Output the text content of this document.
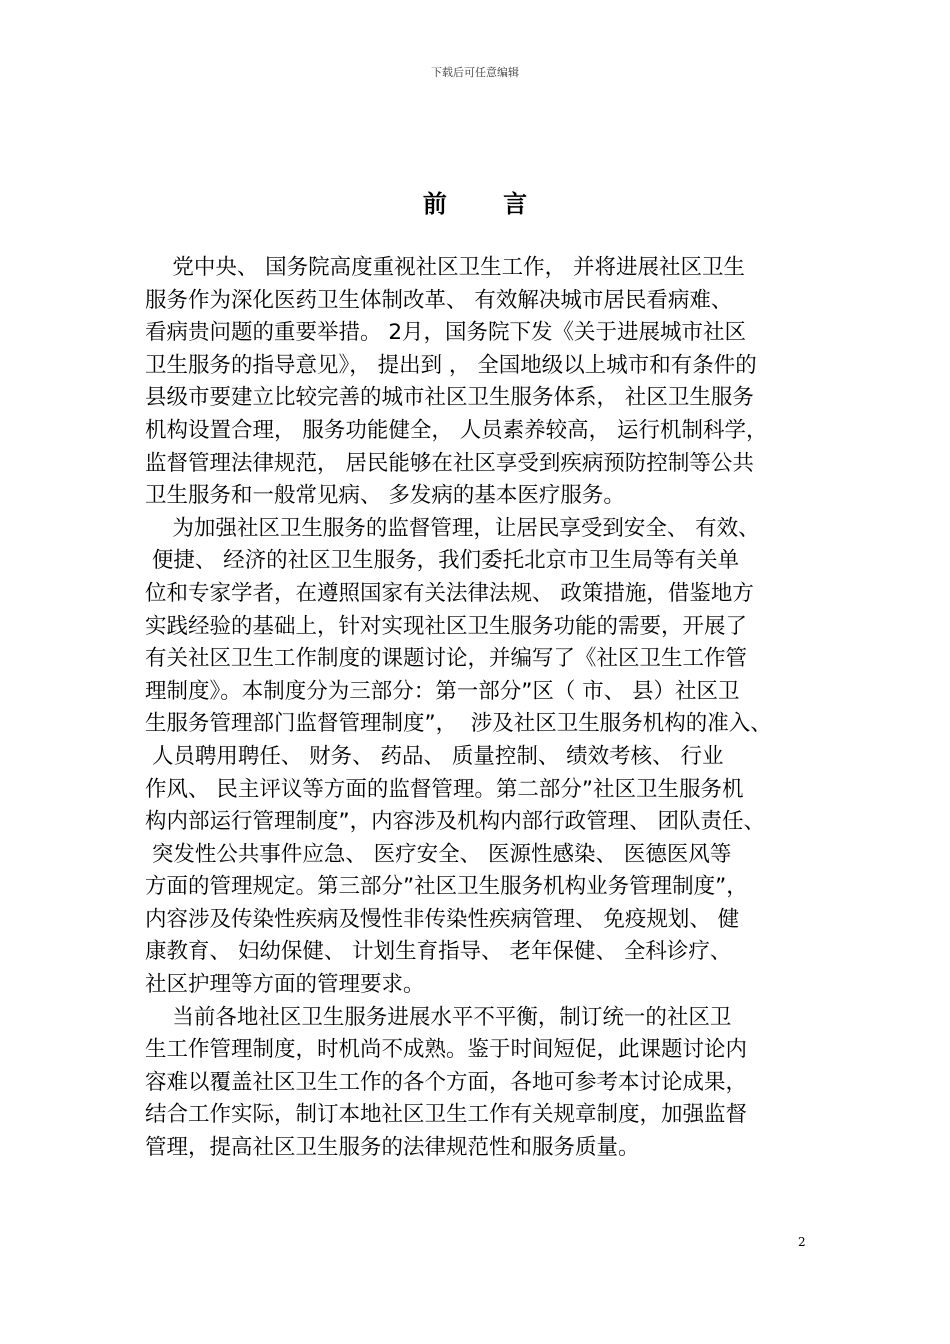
下载后可任意编辑
前 言
党中央、 国务院高度重视社区卫生工作， 并将进展社区卫生
服务作为深化医药卫生体制改革、 有效解决城市居民看病难、
看病贵问题的重要举措。 2月，国务院下发《关于进展城市社区
卫生服务的指导意见》， 提出到 ， 全国地级以上城市和有条件的
县级市要建立比较完善的城市社区卫生服务体系， 社区卫生服务
机构设置合理， 服务功能健全， 人员素养较高， 运行机制科学，
监督管理法律规范， 居民能够在社区享受到疾病预防控制等公共
卫生服务和一般常见病、 多发病的基本医疗服务。
为加强社区卫生服务的监督管理，让居民享受到安全、 有效、
便捷、 经济的社区卫生服务，我们委托北京市卫生局等有关单
位和专家学者，在遵照国家有关法律法规、 政策措施，借鉴地方
实践经验的基础上，针对实现社区卫生服务功能的需要，开展了
有关社区卫生工作制度的课题讨论，并编写了《社区卫生工作管
理制度》。本制度分为三部分：第一部分”区（ 市、 县）社区卫
生服务管理部门监督管理制度”，  涉及社区卫生服务机构的准入、
人员聘用聘任、 财务、 药品、 质量控制、 绩效考核、 行业
作风、 民主评议等方面的监督管理。第二部分”社区卫生服务机
构内部运行管理制度”，内容涉及机构内部行政管理、 团队责任、
突发性公共事件应急、 医疗安全、 医源性感染、 医德医风等
方面的管理规定。第三部分”社区卫生服务机构业务管理制度”，
内容涉及传染性疾病及慢性非传染性疾病管理、 免疫规划、 健
康教育、 妇幼保健、 计划生育指导、 老年保健、 全科诊疗、
社区护理等方面的管理要求。
当前各地社区卫生服务进展水平不平衡，制订统一的社区卫
生工作管理制度，时机尚不成熟。鉴于时间短促，此课题讨论内
容难以覆盖社区卫生工作的各个方面，各地可参考本讨论成果，
结合工作实际，制订本地社区卫生工作有关规章制度，加强监督
管理，提高社区卫生服务的法律规范性和服务质量。
2
